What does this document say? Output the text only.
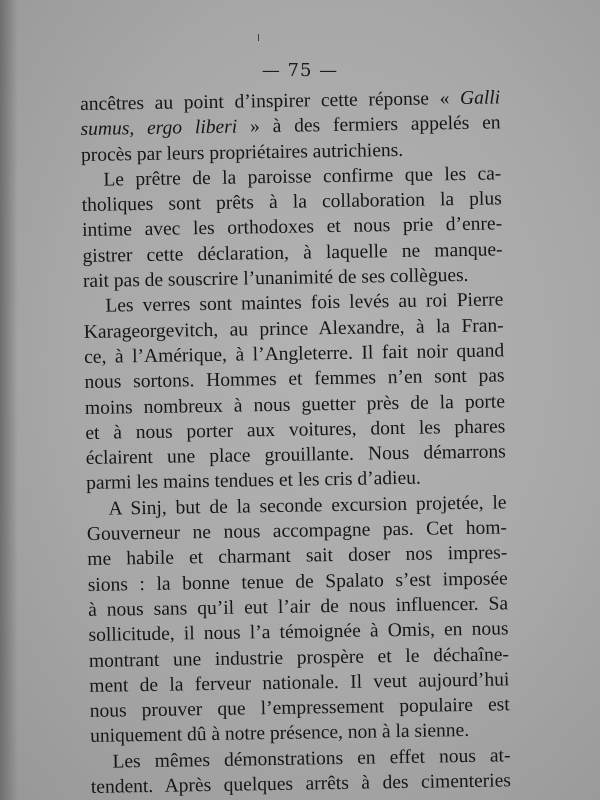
— 75 —
ancêtres au point d’inspirer cette réponse « Galli
sumus, ergo liberi » à des fermiers appelés en
procès par leurs propriétaires autrichiens.
Le prêtre de la paroisse confirme que les ca-
tholiques sont prêts à la collaboration la plus
intime avec les orthodoxes et nous prie d’enre-
gistrer cette déclaration, à laquelle ne manque-
rait pas de souscrire l’unanimité de ses collègues.
Les verres sont maintes fois levés au roi Pierre
Karageorgevitch, au prince Alexandre, à la Fran-
ce, à l’Amérique, à l’Angleterre. Il fait noir quand
nous sortons. Hommes et femmes n’en sont pas
moins nombreux à nous guetter près de la porte
et à nous porter aux voitures, dont les phares
éclairent une place grouillante. Nous démarrons
parmi les mains tendues et les cris d’adieu.
A Sinj, but de la seconde excursion projetée, le
Gouverneur ne nous accompagne pas. Cet hom-
me habile et charmant sait doser nos impres-
sions : la bonne tenue de Spalato s’est imposée
à nous sans qu’il eut l’air de nous influencer. Sa
sollicitude, il nous l’a témoignée à Omis, en nous
montrant une industrie prospère et le déchaîne-
ment de la ferveur nationale. Il veut aujourd’hui
nous prouver que l’empressement populaire est
uniquement dû à notre présence, non à la sienne.
Les mêmes démonstrations en effet nous at-
tendent. Après quelques arrêts à des cimenteries
